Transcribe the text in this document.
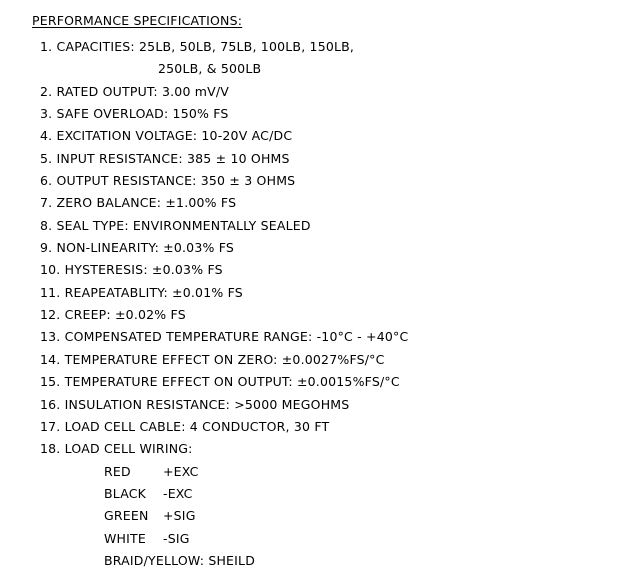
PERFORMANCE SPECIFICATIONS:
1. CAPACITIES: 25LB, 50LB, 75LB, 100LB, 150LB,
250LB, & 500LB
2. RATED OUTPUT: 3.00 mV/V
3. SAFE OVERLOAD: 150% FS
4. EXCITATION VOLTAGE: 10-20V AC/DC
5. INPUT RESISTANCE: 385 ± 10 OHMS
6. OUTPUT RESISTANCE: 350 ± 3 OHMS
7. ZERO BALANCE: ±1.00% FS
8. SEAL TYPE: ENVIRONMENTALLY SEALED
9. NON-LINEARITY: ±0.03% FS
10. HYSTERESIS: ±0.03% FS
11. REAPEATABLITY: ±0.01% FS
12. CREEP: ±0.02% FS
13. COMPENSATED TEMPERATURE RANGE: -10°C - +40°C
14. TEMPERATURE EFFECT ON ZERO: ±0.0027%FS/°C
15. TEMPERATURE EFFECT ON OUTPUT: ±0.0015%FS/°C
16. INSULATION RESISTANCE: >5000 MEGOHMS
17. LOAD CELL CABLE: 4 CONDUCTOR, 30 FT
18. LOAD CELL WIRING:
RED	+EXC
BLACK -EXC
GREEN +SIG
WHITE -SIG
BRAID/YELLOW: SHEILD
